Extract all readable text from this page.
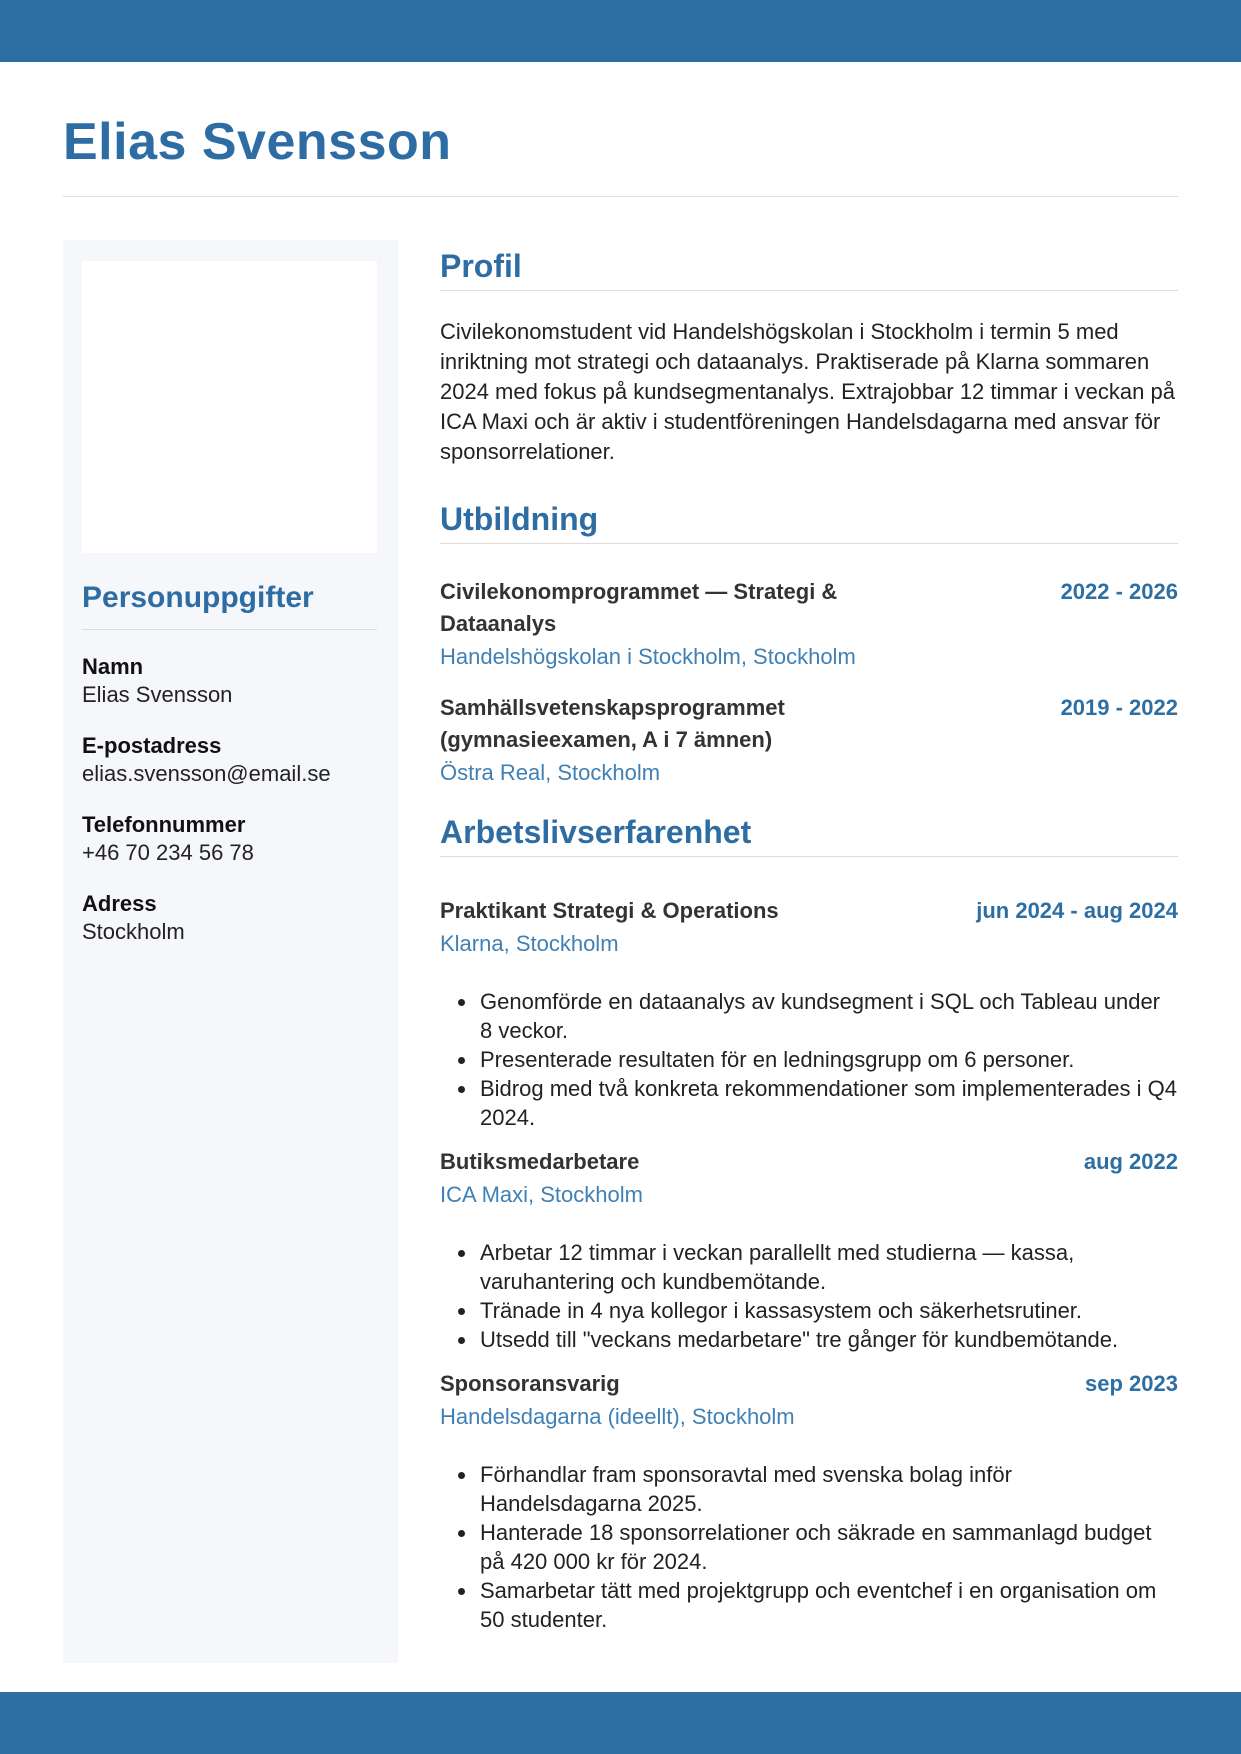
Elias Svensson
Personuppgifter
Namn
Elias Svensson
E-postadress
elias.svensson@email.se
Telefonnummer
+46 70 234 56 78
Adress
Stockholm
Profil

Civilekonomstudent vid Handelshögskolan i Stockholm i termin 5 med inriktning mot strategi och dataanalys. Praktiserade på Klarna sommaren 2024 med fokus på kundsegmentanalys. Extrajobbar 12 timmar i veckan på ICA Maxi och är aktiv i studentföreningen Handelsdagarna med ansvar för sponsorrelationer.

Utbildning
Civilekonomprogrammet — Strategi & Dataanalys
2022 - 2026
Handelshögskolan i Stockholm, Stockholm
Samhällsvetenskapsprogrammet (gymnasieexamen, A i 7 ämnen)
2019 - 2022
Östra Real, Stockholm
Arbetslivserfarenhet
Praktikant Strategi & Operations	jun 2024 - aug 2024
Klarna, Stockholm
• Genomförde en dataanalys av kundsegment i SQL och Tableau under 8 veckor.
• Presenterade resultaten för en ledningsgrupp om 6 personer.
• Bidrog med två konkreta rekommendationer som implementerades i Q4 2024.
Butiksmedarbetare	aug 2022
ICA Maxi, Stockholm
• Arbetar 12 timmar i veckan parallellt med studierna — kassa, varuhantering och kundbemötande.
• Tränade in 4 nya kollegor i kassasystem och säkerhetsrutiner.
• Utsedd till "veckans medarbetare" tre gånger för kundbemötande.
Sponsoransvarig	sep 2023
Handelsdagarna (ideellt), Stockholm
• Förhandlar fram sponsoravtal med svenska bolag inför Handelsdagarna 2025.
• Hanterade 18 sponsorrelationer och säkrade en sammanlagd budget på 420 000 kr för 2024.
• Samarbetar tätt med projektgrupp och eventchef i en organisation om 50 studenter.
